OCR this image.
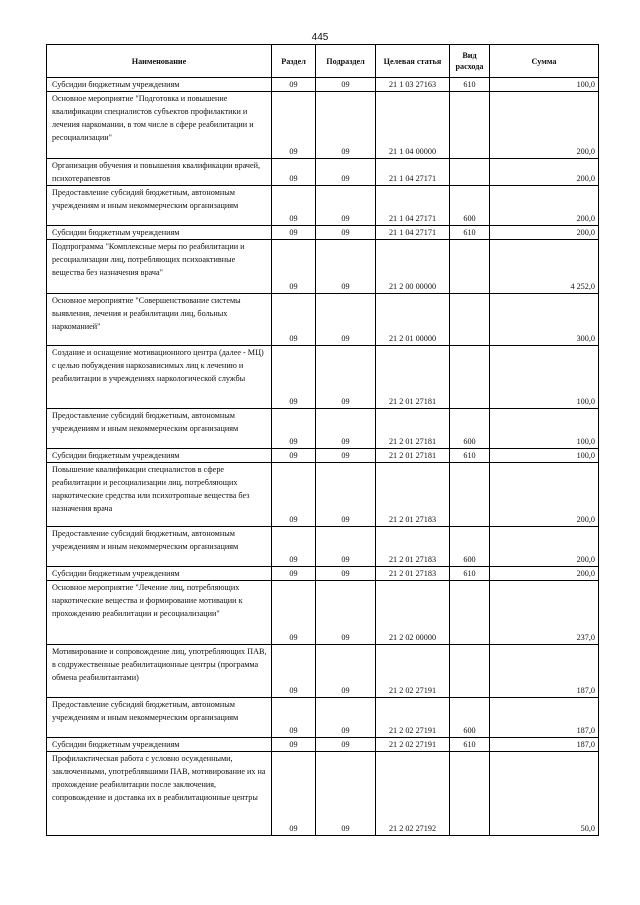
445
Наименование	Раздел	Подраздел	Целевая статья	Вид расхода	Сумма
Субсидии бюджетным учреждениям	09	09	21 1 03 27163	610	100,0
Основное мероприятие "Подготовка и повышение квалификации специалистов субъектов профилактики и лечения наркомании, в том числе в сфере реабилитации и ресоциализации"	09	09	21 1 04 00000		200,0
Организация обучения и повышения квалификации врачей, психотерапевтов	09	09	21 1 04 27171		200,0
Предоставление субсидий бюджетным, автономным учреждениям и иным некоммерческим организациям	09	09	21 1 04 27171	600	200,0
Субсидии бюджетным учреждениям	09	09	21 1 04 27171	610	200,0
Подпрограмма "Комплексные меры по реабилитации и ресоциализации лиц, потребляющих психоактивные вещества без назначения врача"	09	09	21 2 00 00000		4 252,0
Основное мероприятие "Совершенствование системы выявления, лечения и реабилитации лиц, больных наркоманией"	09	09	21 2 01 00000		300,0
Создание и оснащение мотивационного центра (далее - МЦ) с целью побуждения наркозависимых лиц к лечению и реабилитации в учреждениях наркологической службы	09	09	21 2 01 27181		100,0
Предоставление субсидий бюджетным, автономным учреждениям и иным некоммерческим организациям	09	09	21 2 01 27181	600	100,0
Субсидии бюджетным учреждениям	09	09	21 2 01 27181	610	100,0
Повышение квалификации специалистов в сфере реабилитации и ресоциализации лиц, потребляющих наркотические средства или психотропные вещества без назначения врача	09	09	21 2 01 27183		200,0
Предоставление субсидий бюджетным, автономным учреждениям и иным некоммерческим организациям	09	09	21 2 01 27183	600	200,0
Субсидии бюджетным учреждениям	09	09	21 2 01 27183	610	200,0
Основное мероприятие "Лечение лиц, потребляющих наркотические вещества и формирование мотивации к прохождению реабилитации и ресоциализации"	09	09	21 2 02 00000		237,0
Мотивирование и сопровождение лиц, употребляющих ПАВ, в содружественные реабилитационные центры (программа обмена реабилитантами)	09	09	21 2 02 27191		187,0
Предоставление субсидий бюджетным, автономным учреждениям и иным некоммерческим организациям	09	09	21 2 02 27191	600	187,0
Субсидии бюджетным учреждениям	09	09	21 2 02 27191	610	187,0
Профилактическая работа с условно осужденными, заключенными, употреблявшими ПАВ, мотивирование их на прохождение реабилитации после заключения, сопровождение и доставка их в реабилитационные центры	09	09	21 2 02 27192		50,0
